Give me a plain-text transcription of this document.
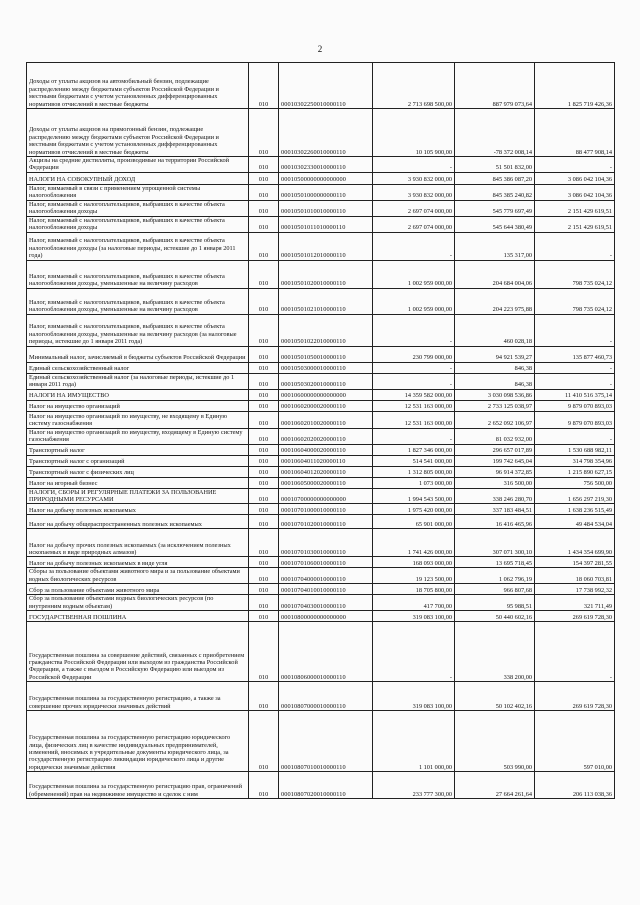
2
Доходы от уплаты акцизов на автомобильный бензин, подлежащие распределению между бюджетами субъектов Российской Федерации и местными бюджетами с учетом установленных дифференцированных нормативов отчислений в местные бюджеты	010	00010302250010000110	2 713 698 500,00	887 979 073,64	1 825 719 426,36
Доходы от уплаты акцизов на прямогонный бензин, подлежащие распределению между бюджетами субъектов Российской Федерации и местными бюджетами с учетом установленных дифференцированных нормативов отчислений в местные бюджеты	010	00010302260010000110	10 105 900,00	-78 372 008,14	88 477 908,14
Акцизы на средние дистилляты, производимые на территории Российской Федерации	010	00010302330010000110	-	51 501 832,00	-
НАЛОГИ НА СОВОКУПНЫЙ ДОХОД	010	00010500000000000000	3 930 832 000,00	845 386 087,20	3 086 042 104,36
Налог, взимаемый в связи с применением упрощенной системы налогообложения	010	00010501000000000110	3 930 832 000,00	845 385 240,82	3 086 042 104,36
Налог, взимаемый с налогоплательщиков, выбравших в качестве объекта налогообложения доходы	010	00010501010010000110	2 697 074 000,00	545 779 697,49	2 151 429 619,51
Налог, взимаемый с налогоплательщиков, выбравших в качестве объекта налогообложения доходы	010	00010501011010000110	2 697 074 000,00	545 644 380,49	2 151 429 619,51
Налог, взимаемый с налогоплательщиков, выбравших в качестве объекта налогообложения доходы (за налоговые периоды, истекшие до 1 января 2011 года)	010	00010501012010000110	-	135 317,00	-
Налог, взимаемый с налогоплательщиков, выбравших в качестве объекта налогообложения доходы, уменьшенные на величину расходов	010	00010501020010000110	1 002 959 000,00	204 684 004,06	798 735 024,12
Налог, взимаемый с налогоплательщиков, выбравших в качестве объекта налогообложения доходы, уменьшенные на величину расходов	010	00010501021010000110	1 002 959 000,00	204 223 975,88	798 735 024,12
Налог, взимаемый с налогоплательщиков, выбравших в качестве объекта налогообложения доходы, уменьшенные на величину расходов (за налоговые периоды, истекшие до 1 января 2011 года)	010	00010501022010000110	-	460 028,18	-
Минимальный налог, зачисляемый в бюджеты субъектов Российской Федерации	010	00010501050010000110	230 799 000,00	94 921 539,27	135 877 460,73
Единый сельскохозяйственный налог	010	00010503000010000110	-	846,38	-
Единый сельскохозяйственный налог (за налоговые периоды, истекшие до 1 января 2011 года)	010	00010503020010000110	-	846,38	-
НАЛОГИ НА ИМУЩЕСТВО	010	00010600000000000000	14 359 582 000,00	3 030 098 536,86	11 410 516 375,14
Налог на имущество организаций	010	00010602000020000110	12 531 163 000,00	2 733 125 038,97	9 879 070 893,03
Налог на имущество организаций по имуществу, не входящему в Единую систему газоснабжения	010	00010602010020000110	12 531 163 000,00	2 652 092 106,97	9 879 070 893,03
Налог на имущество организаций по имуществу, входящему в Единую систему газоснабжения	010	00010602020020000110	-	81 032 932,00	-
Транспортный налог	010	00010604000020000110	1 827 346 000,00	296 657 017,89	1 530 688 982,11
Транспортный налог с организаций	010	00010604011020000110	514 541 000,00	199 742 645,04	314 798 354,96
Транспортный налог с физических лиц	010	00010604012020000110	1 312 805 000,00	96 914 372,85	1 215 890 627,15
Налог на игорный бизнес	010	00010605000020000110	1 073 000,00	316 500,00	756 500,00
НАЛОГИ, СБОРЫ И РЕГУЛЯРНЫЕ ПЛАТЕЖИ ЗА ПОЛЬЗОВАНИЕ ПРИРОДНЫМИ РЕСУРСАМИ	010	00010700000000000000	1 994 543 500,00	338 246 280,70	1 656 297 219,30
Налог на добычу полезных ископаемых	010	00010701000010000110	1 975 420 000,00	337 183 484,51	1 638 236 515,49
Налог на добычу общераспространенных полезных ископаемых	010	00010701020010000110	65 901 000,00	16 416 465,96	49 484 534,04
Налог на добычу прочих полезных ископаемых (за исключением полезных ископаемых в виде природных алмазов)	010	00010701030010000110	1 741 426 000,00	307 071 300,10	1 434 354 699,90
Налог на добычу полезных ископаемых в виде угля	010	00010701060010000110	168 093 000,00	13 695 718,45	154 397 281,55
Сборы за пользование объектами животного мира и за пользование объектами водных биологических ресурсов	010	00010704000010000110	19 123 500,00	1 062 796,19	18 060 703,81
Сбор за пользование объектами животного мира	010	00010704010010000110	18 705 800,00	966 807,68	17 738 992,32
Сбор за пользование объектами водных биологических ресурсов (по внутренним водным объектам)	010	00010704030010000110	417 700,00	95 988,51	321 711,49
ГОСУДАРСТВЕННАЯ ПОШЛИНА	010	00010800000000000000	319 083 100,00	50 440 602,16	269 619 728,30
Государственная пошлина за совершение действий, связанных с приобретением гражданства Российской Федерации или выходом из гражданства Российской Федерации, а также с въездом в Российскую Федерацию или выездом из Российской Федерации	010	00010806000010000110	-	338 200,00	-
Государственная пошлина за государственную регистрацию, а также за совершение прочих юридически значимых действий	010	00010807000010000110	319 083 100,00	50 102 402,16	269 619 728,30
Государственная пошлина за государственную регистрацию юридического лица, физических лиц в качестве индивидуальных предпринимателей, изменений, вносимых в учредительные документы юридического лица, за государственную регистрацию ликвидации юридического лица и другие юридически значимые действия	010	00010807010010000110	1 101 000,00	503 990,00	597 010,00
Государственная пошлина за государственную регистрацию прав, ограничений (обременений) прав на недвижимое имущество и сделок с ним	010	00010807020010000110	233 777 300,00	27 664 261,64	206 113 038,36
